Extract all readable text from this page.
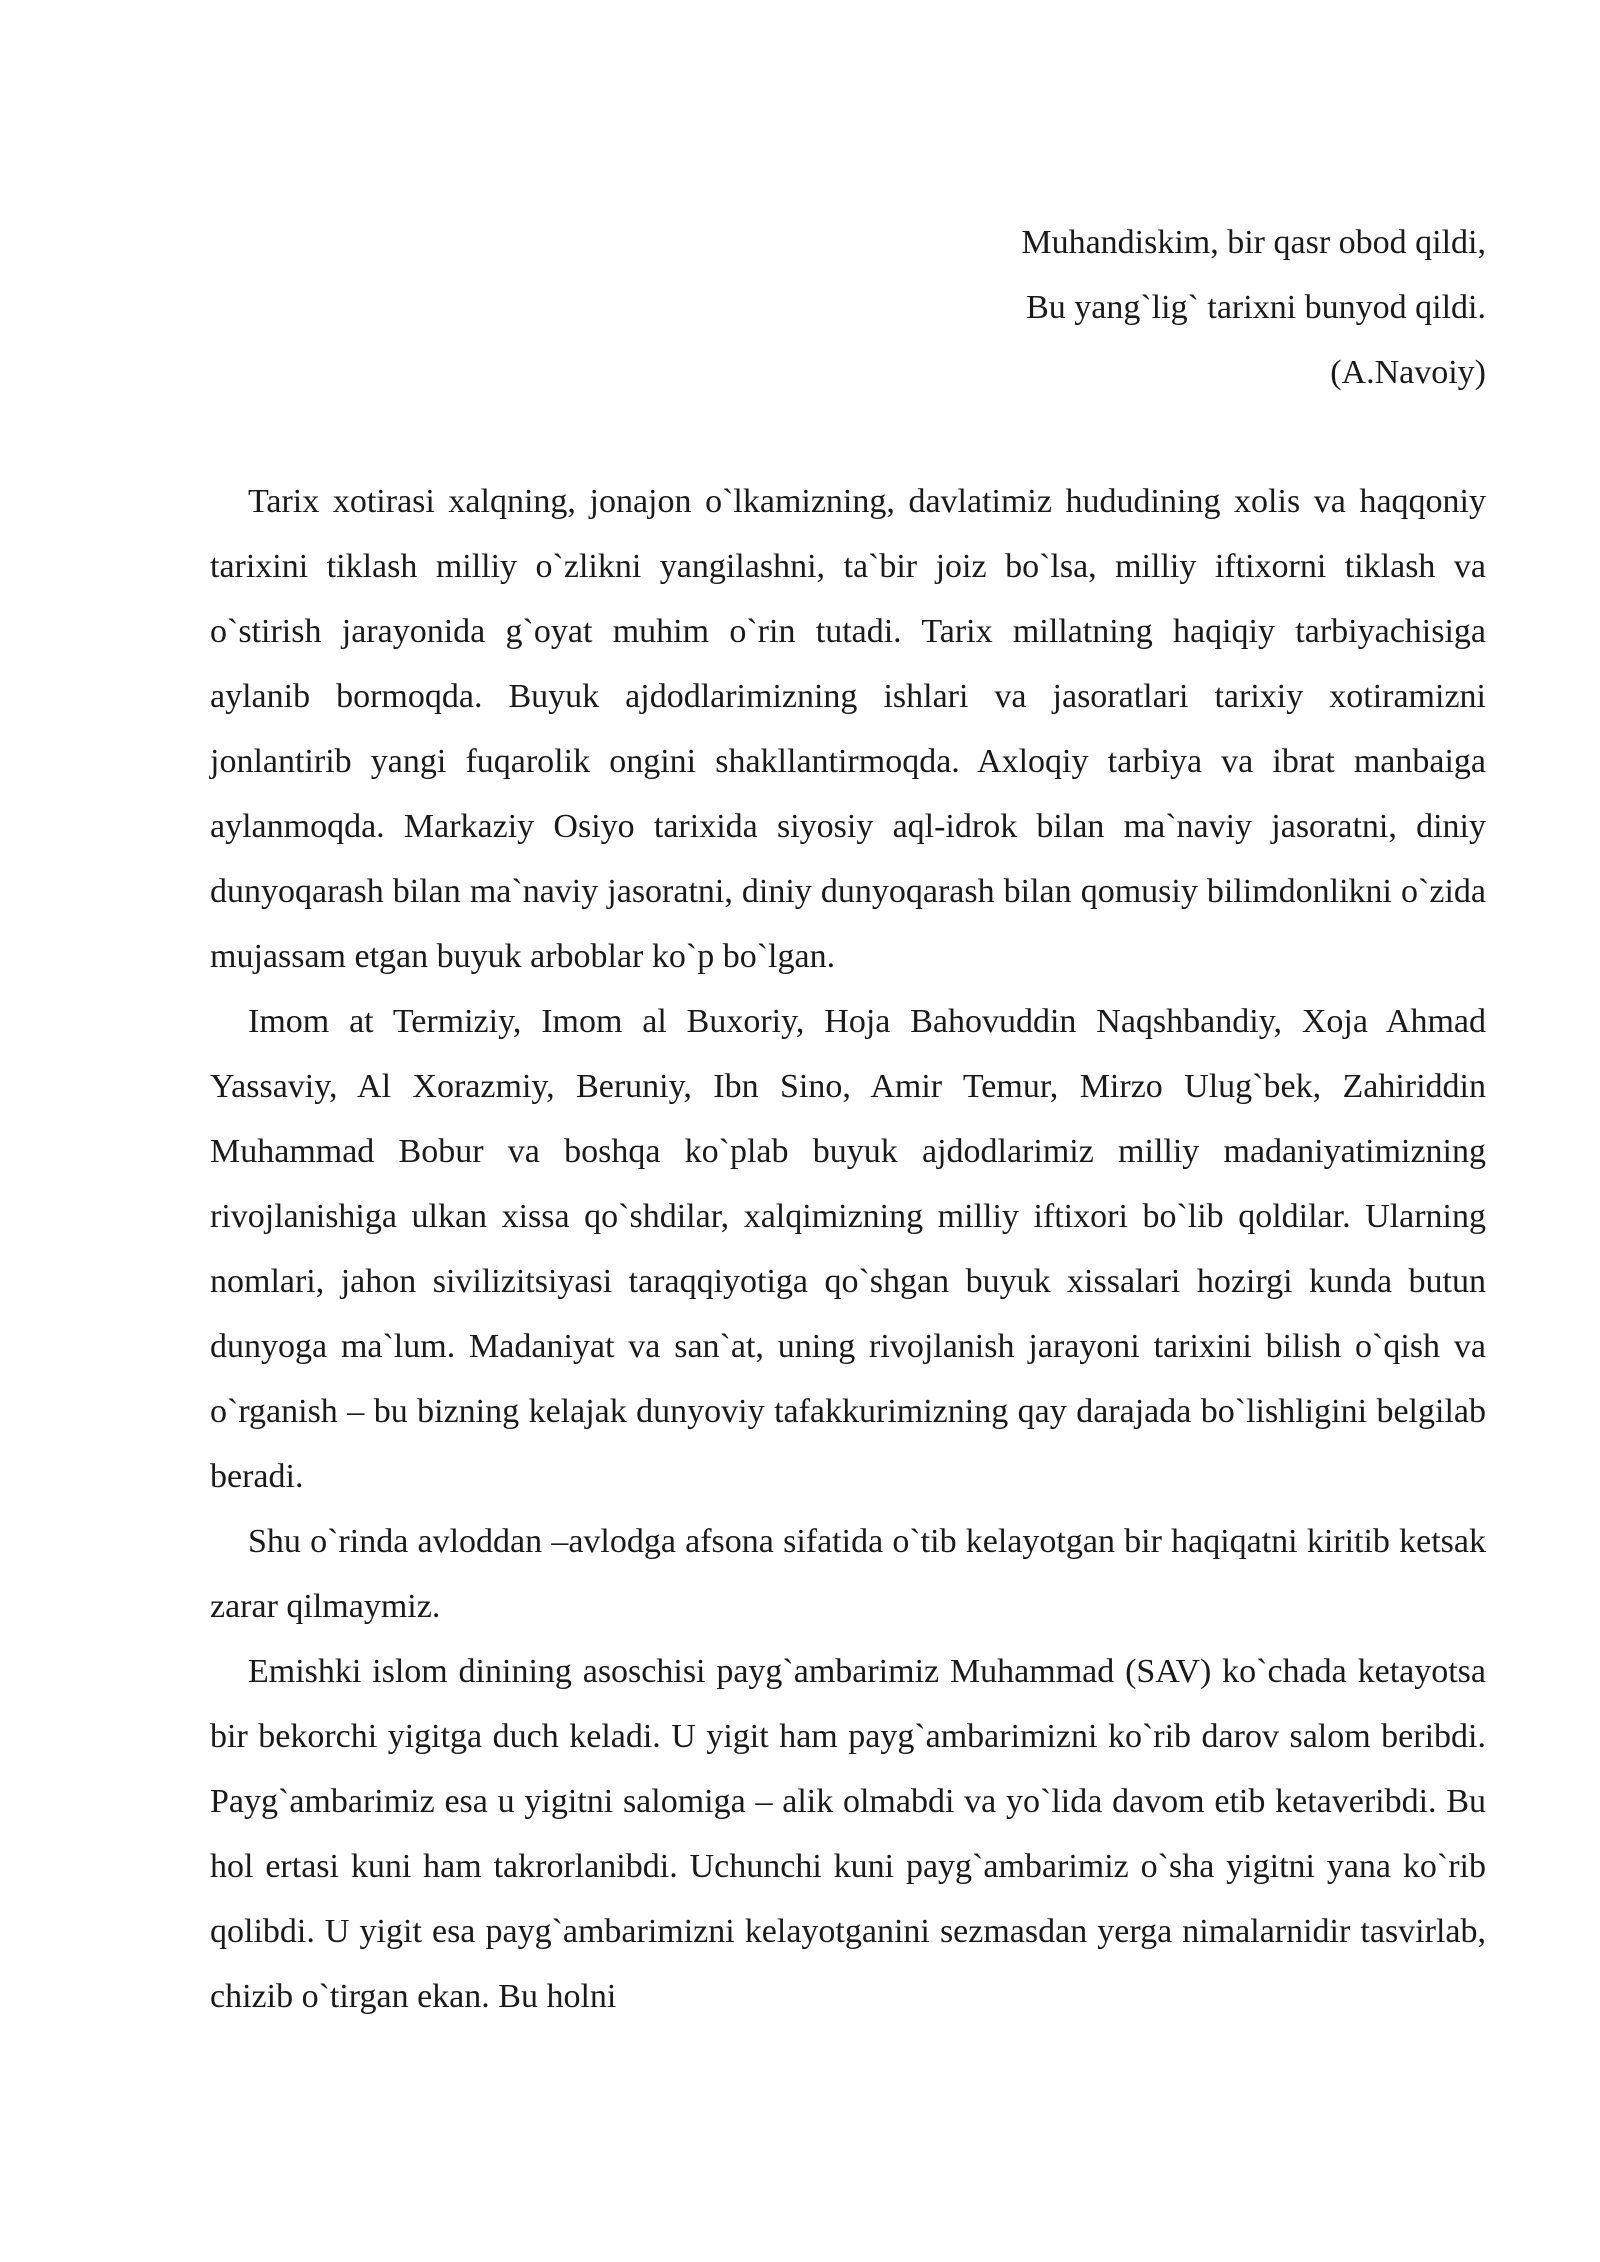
Muhandiskim, bir qasr obod qildi,
Bu yang`lig` tarixni bunyod qildi.
(A.Navoiy)

Tarix xotirasi xalqning, jonajon o`lkamizning, davlatimiz hududining xolis va haqqoniy tarixini tiklash milliy o`zlikni yangilashni, ta`bir joiz bo`lsa, milliy iftixorni tiklash va o`stirish jarayonida g`oyat muhim o`rin tutadi. Tarix millatning haqiqiy tarbiyachisiga aylanib bormoqda. Buyuk ajdodlarimizning ishlari va jasoratlari tarixiy xotiramizni jonlantirib yangi fuqarolik ongini shakllantirmoqda. Axloqiy tarbiya va ibrat manbaiga aylanmoqda. Markaziy Osiyo tarixida siyosiy aql-idrok bilan ma`naviy jasoratni, diniy dunyoqarash bilan ma`naviy jasoratni, diniy dunyoqarash bilan qomusiy bilimdonlikni o`zida mujassam etgan buyuk arboblar ko`p bo`lgan.

Imom at Termiziy, Imom al Buxoriy, Hoja Bahovuddin Naqshbandiy, Xoja Ahmad Yassaviy, Al Xorazmiy, Beruniy, Ibn Sino, Amir Temur, Mirzo Ulug`bek, Zahiriddin Muhammad Bobur va boshqa ko`plab buyuk ajdodlarimiz milliy madaniyatimizning rivojlanishiga ulkan xissa qo`shdilar, xalqimizning milliy iftixori bo`lib qoldilar. Ularning nomlari, jahon sivilizitsiyasi taraqqiyotiga qo`shgan buyuk xissalari hozirgi kunda butun dunyoga ma`lum. Madaniyat va san`at, uning rivojlanish jarayoni tarixini bilish o`qish va o`rganish – bu bizning kelajak dunyoviy tafakkurimizning qay darajada bo`lishligini belgilab beradi.

Shu o`rinda avloddan –avlodga afsona sifatida o`tib kelayotgan bir haqiqatni kiritib ketsak zarar qilmaymiz.

Emishki islom dinining asoschisi payg`ambarimiz Muhammad (SAV) ko`chada ketayotsa bir bekorchi yigitga duch keladi. U yigit ham payg`ambarimizni ko`rib darov salom beribdi. Payg`ambarimiz esa u yigitni salomiga – alik olmabdi va yo`lida davom etib ketaveribdi. Bu hol ertasi kuni ham takrorlanibdi. Uchunchi kuni payg`ambarimiz o`sha yigitni yana ko`rib qolibdi. U yigit esa payg`ambarimizni kelayotganini sezmasdan yerga nimalarnidir tasvirlab, chizib o`tirgan ekan. Bu holni
